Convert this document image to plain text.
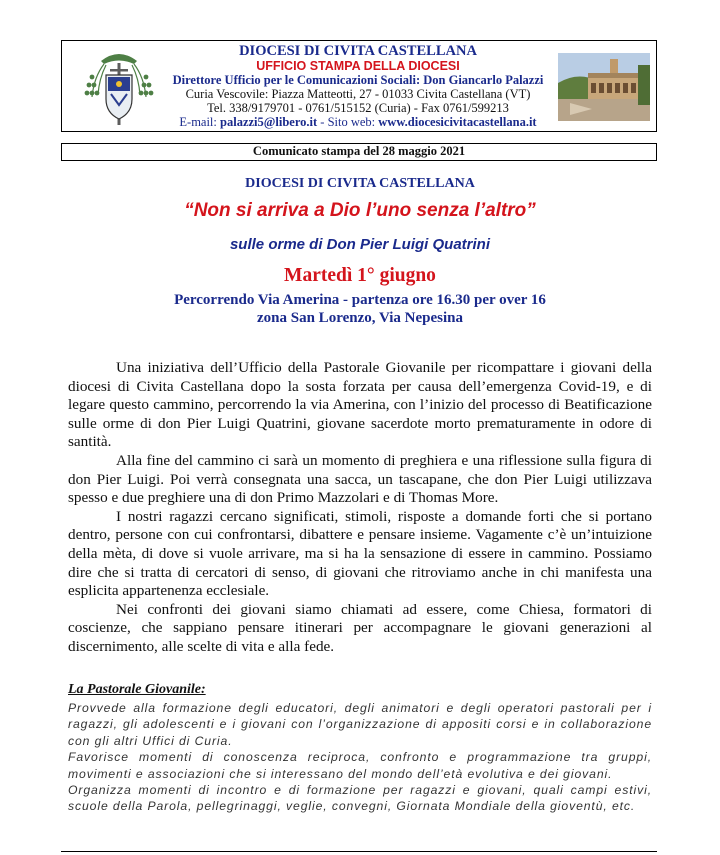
DIOCESI DI CIVITA CASTELLANA
UFFICIO STAMPA DELLA DIOCESI
Direttore Ufficio per le Comunicazioni Sociali: Don Giancarlo Palazzi
Curia Vescovile: Piazza Matteotti, 27 - 01033 Civita Castellana (VT)
Tel. 338/9179701 - 0761/515152 (Curia) - Fax 0761/599213
E-mail: palazzi5@libero.it - Sito web: www.diocesicivitacastellana.it
Comunicato stampa del 28 maggio 2021
DIOCESI DI CIVITA CASTELLANA
“Non si arriva a Dio l’uno senza l’altro”
sulle orme di Don Pier Luigi Quatrini
Martedì 1° giugno
Percorrendo Via Amerina - partenza ore 16.30 per over 16
zona San Lorenzo, Via Nepesina

Una iniziativa dell’Ufficio della Pastorale Giovanile per ricompattare i giovani della diocesi di Civita Castellana dopo la sosta forzata per causa dell’emergenza Covid-19, e di legare questo cammino, percorrendo la via Amerina, con l’inizio del processo di Beatificazione sulle orme di don Pier Luigi Quatrini, giovane sacerdote morto prematuramente in odore di santità.

Alla fine del cammino ci sarà un momento di preghiera e una riflessione sulla figura di don Pier Luigi. Poi verrà consegnata una sacca, un tascapane, che don Pier Luigi utilizzava spesso e due preghiere una di don Primo Mazzolari e di Thomas More.

I nostri ragazzi cercano significati, stimoli, risposte a domande forti che si portano dentro, persone con cui confrontarsi, dibattere e pensare insieme. Vagamente c’è un’intuizione della mèta, di dove si vuole arrivare, ma si ha la sensazione di essere in cammino. Possiamo dire che si tratta di cercatori di senso, di giovani che ritroviamo anche in chi manifesta una esplicita appartenenza ecclesiale.

Nei confronti dei giovani siamo chiamati ad essere, come Chiesa, formatori di coscienze, che sappiano pensare itinerari per accompagnare le giovani generazioni al discernimento, alle scelte di vita e alla fede.

La Pastorale Giovanile:

Provvede alla formazione degli educatori, degli animatori e degli operatori pastorali per i ragazzi, gli adolescenti e i giovani con l’organizzazione di appositi corsi e in collaborazione con gli altri Uffici di Curia.

Favorisce momenti di conoscenza reciproca, confronto e programmazione tra gruppi, movimenti e associazioni che si interessano del mondo dell’età evolutiva e dei giovani.

Organizza momenti di incontro e di formazione per ragazzi e giovani, quali campi estivi, scuole della Parola, pellegrinaggi, veglie, convegni, Giornata Mondiale della gioventù, etc.
